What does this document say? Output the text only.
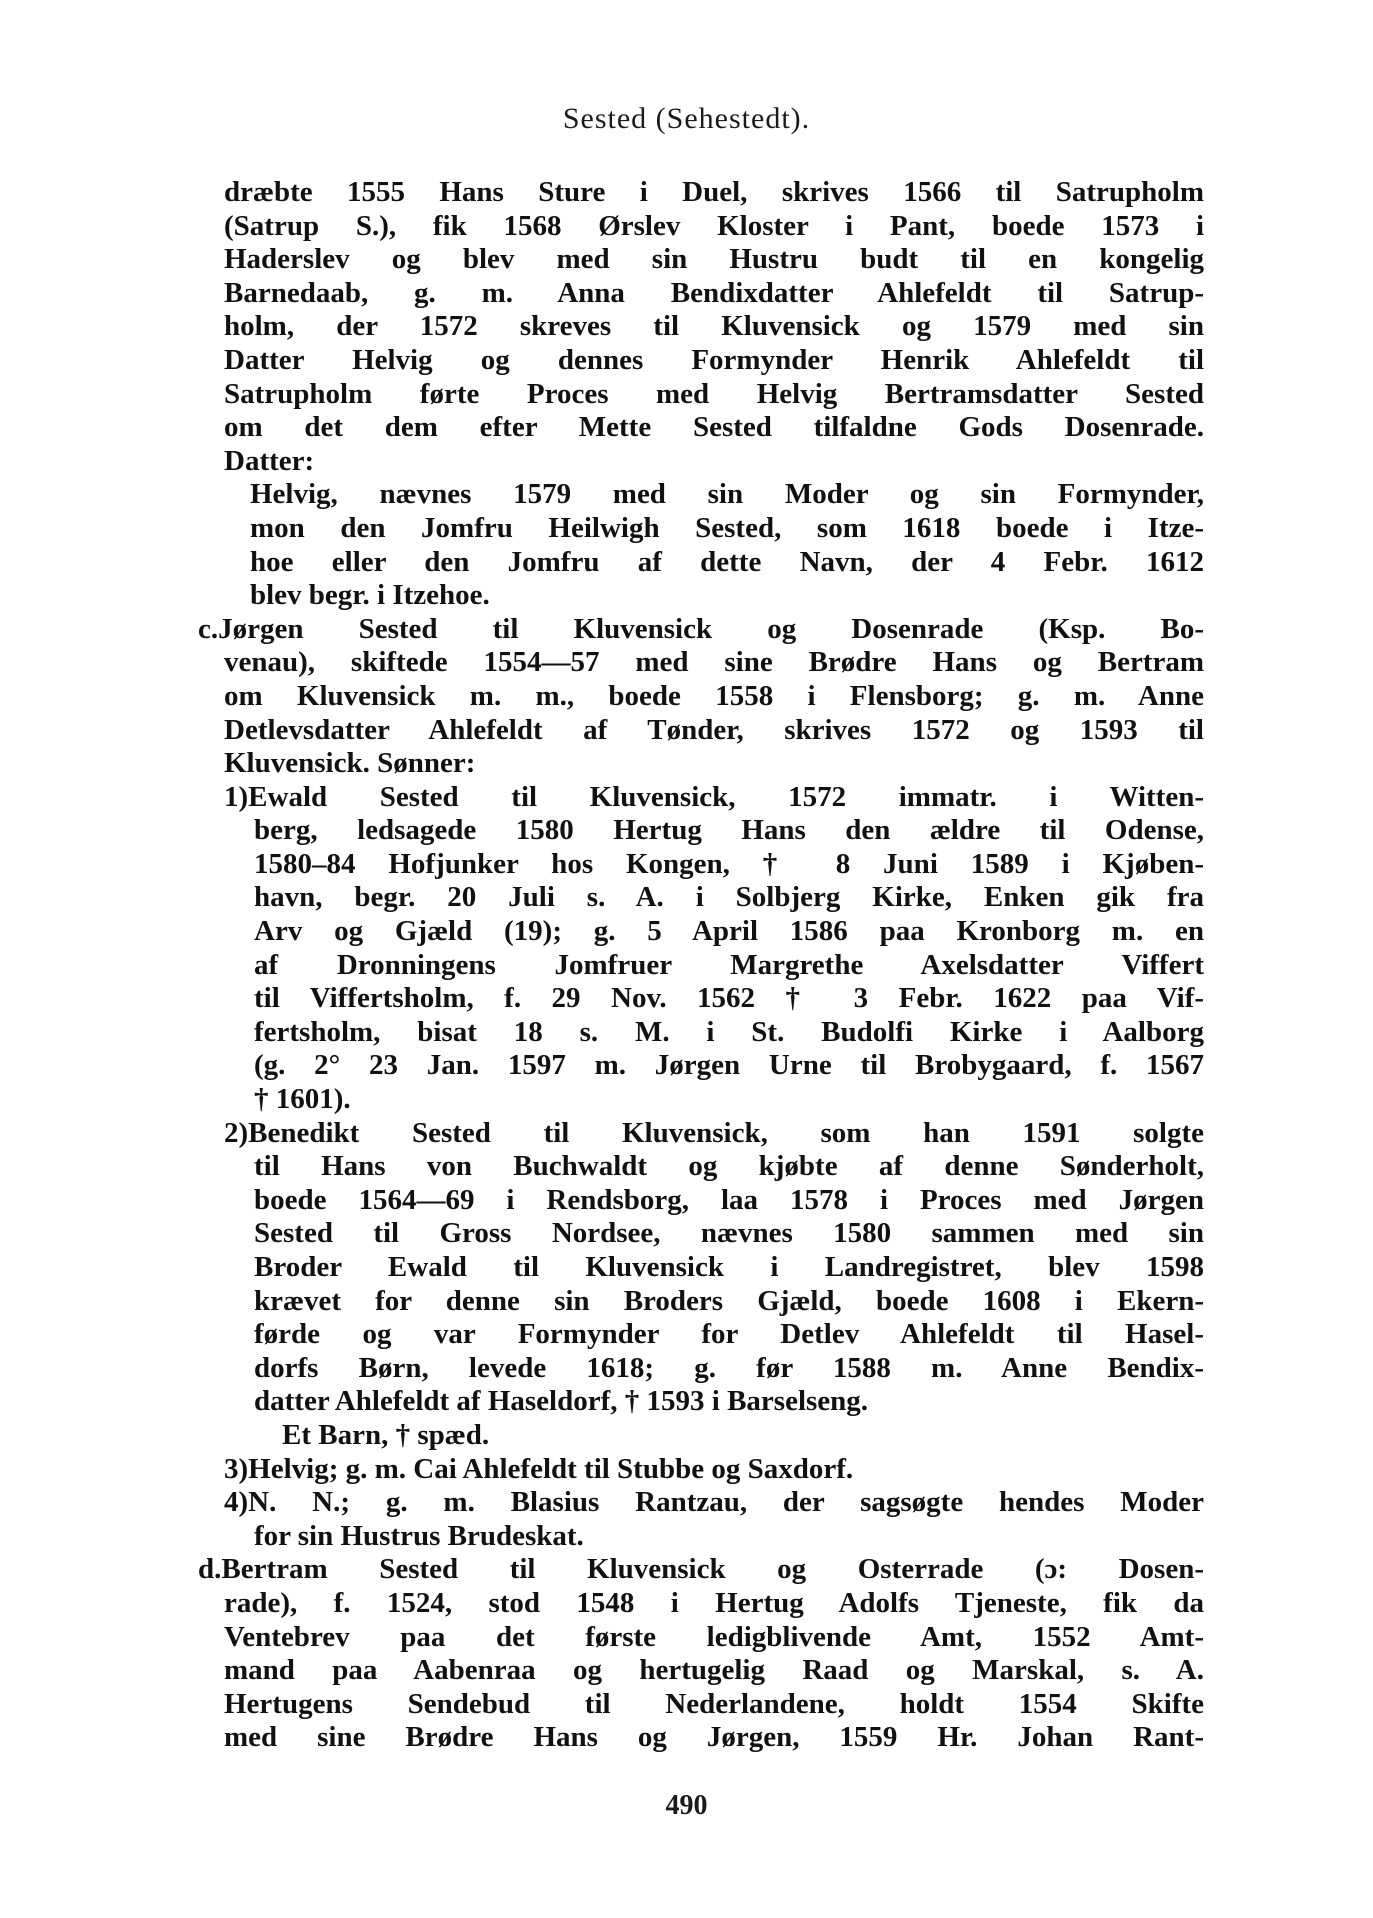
Sested (Sehestedt).
dræbte 1555 Hans Sture i Duel, skrives 1566 til Satrupholm
(Satrup S.), fik 1568 Ørslev Kloster i Pant, boede 1573 i
Haderslev og blev med sin Hustru budt til en kongelig
Barnedaab, g. m. Anna Bendixdatter Ahlefeldt til Satrup-
holm, der 1572 skreves til Kluvensick og 1579 med sin
Datter Helvig og dennes Formynder Henrik Ahlefeldt til
Satrupholm førte Proces med Helvig Bertramsdatter Sested
om det dem efter Mette Sested tilfaldne Gods Dosenrade.
Datter:
Helvig, nævnes 1579 med sin Moder og sin Formynder,
mon den Jomfru Heilwigh Sested, som 1618 boede i Itze-
hoe eller den Jomfru af dette Navn, der 4 Febr. 1612
blev begr. i Itzehoe.
c.Jørgen Sested til Kluvensick og Dosenrade (Ksp. Bo-
venau), skiftede 1554—57 med sine Brødre Hans og Bertram
om Kluvensick m. m., boede 1558 i Flensborg; g. m. Anne
Detlevsdatter Ahlefeldt af Tønder, skrives 1572 og 1593 til
Kluvensick. Sønner:
1)Ewald Sested til Kluvensick, 1572 immatr. i Witten-
berg, ledsagede 1580 Hertug Hans den ældre til Odense,
1580–84 Hofjunker hos Kongen, † 8 Juni 1589 i Kjøben-
havn, begr. 20 Juli s. A. i Solbjerg Kirke, Enken gik fra
Arv og Gjæld (19); g. 5 April 1586 paa Kronborg m. en
af Dronningens Jomfruer Margrethe Axelsdatter Viffert
til Viffertsholm, f. 29 Nov. 1562 † 3 Febr. 1622 paa Vif-
fertsholm, bisat 18 s. M. i St. Budolfi Kirke i Aalborg
(g. 2° 23 Jan. 1597 m. Jørgen Urne til Brobygaard, f. 1567
† 1601).
2)Benedikt Sested til Kluvensick, som han 1591 solgte
til Hans von Buchwaldt og kjøbte af denne Sønderholt,
boede 1564—69 i Rendsborg, laa 1578 i Proces med Jørgen
Sested til Gross Nordsee, nævnes 1580 sammen med sin
Broder Ewald til Kluvensick i Landregistret, blev 1598
krævet for denne sin Broders Gjæld, boede 1608 i Ekern-
førde og var Formynder for Detlev Ahlefeldt til Hasel-
dorfs Børn, levede 1618; g. før 1588 m. Anne Bendix-
datter Ahlefeldt af Haseldorf, † 1593 i Barselseng.
Et Barn, † spæd.
3)Helvig; g. m. Cai Ahlefeldt til Stubbe og Saxdorf.
4)N. N.; g. m. Blasius Rantzau, der sagsøgte hendes Moder
for sin Hustrus Brudeskat.
d.Bertram Sested til Kluvensick og Osterrade (ɔ: Dosen-
rade), f. 1524, stod 1548 i Hertug Adolfs Tjeneste, fik da
Ventebrev paa det første ledigblivende Amt, 1552 Amt-
mand paa Aabenraa og hertugelig Raad og Marskal, s. A.
Hertugens Sendebud til Nederlandene, holdt 1554 Skifte
med sine Brødre Hans og Jørgen, 1559 Hr. Johan Rant-
490
